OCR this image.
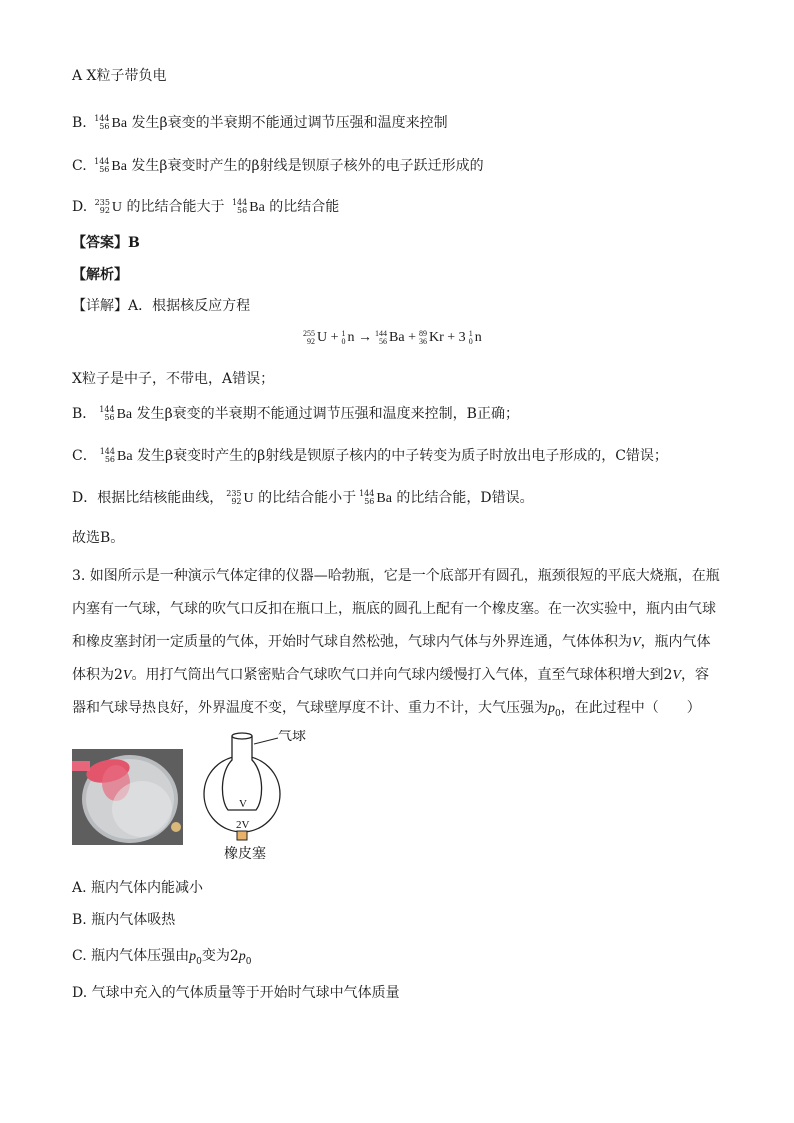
A X粒子带负电
B. 144
56 Ba 发生β衰变的半衰期不能通过调节压强和温度来控制
C. 144
56 Ba 发生β衰变时产生的β射线是钡原子核外的电子跃迁形成的
D. 235
92 U 的比结合能大于 144
56 Ba 的比结合能
【答案】B
【解析】
【详解】A．根据核反应方程
255
92 U + 1
0 n → 144
56 Ba + 89
36 Kr + 3 1
0 n
X粒子是中子，不带电，A错误；
B． 144
56 Ba 发生β衰变的半衰期不能通过调节压强和温度来控制，B正确；
C． 144
56 Ba 发生β衰变时产生的β射线是钡原子核内的中子转变为质子时放出电子形成的，C错误；
D．根据比结核能曲线， 235
92 U 的比结合能小于 144
56 Ba 的比结合能，D错误。
故选B。
3. 如图所示是一种演示气体定律的仪器—哈勃瓶，它是一个底部开有圆孔，瓶颈很短的平底大烧瓶，在瓶内塞有一气球，气球的吹气口反扣在瓶口上，瓶底的圆孔上配有一个橡皮塞。在一次实验中，瓶内由气球和橡皮塞封闭一定质量的气体，开始时气球自然松弛，气球内气体与外界连通，气体体积为V，瓶内气体体积为2V。用打气筒出气口紧密贴合气球吹气口并向气球内缓慢打入气体，直至气球体积增大到2V，容器和气球导热良好，外界温度不变，气球壁厚度不计、重力不计，大气压强为$p_0$，在此过程中（　　）
气球
V
2V
橡皮塞
A. 瓶内气体内能减小
B. 瓶内气体吸热
C. 瓶内气体压强由$p_0$变为$2p_0$
D. 气球中充入的气体质量等于开始时气球中气体质量
